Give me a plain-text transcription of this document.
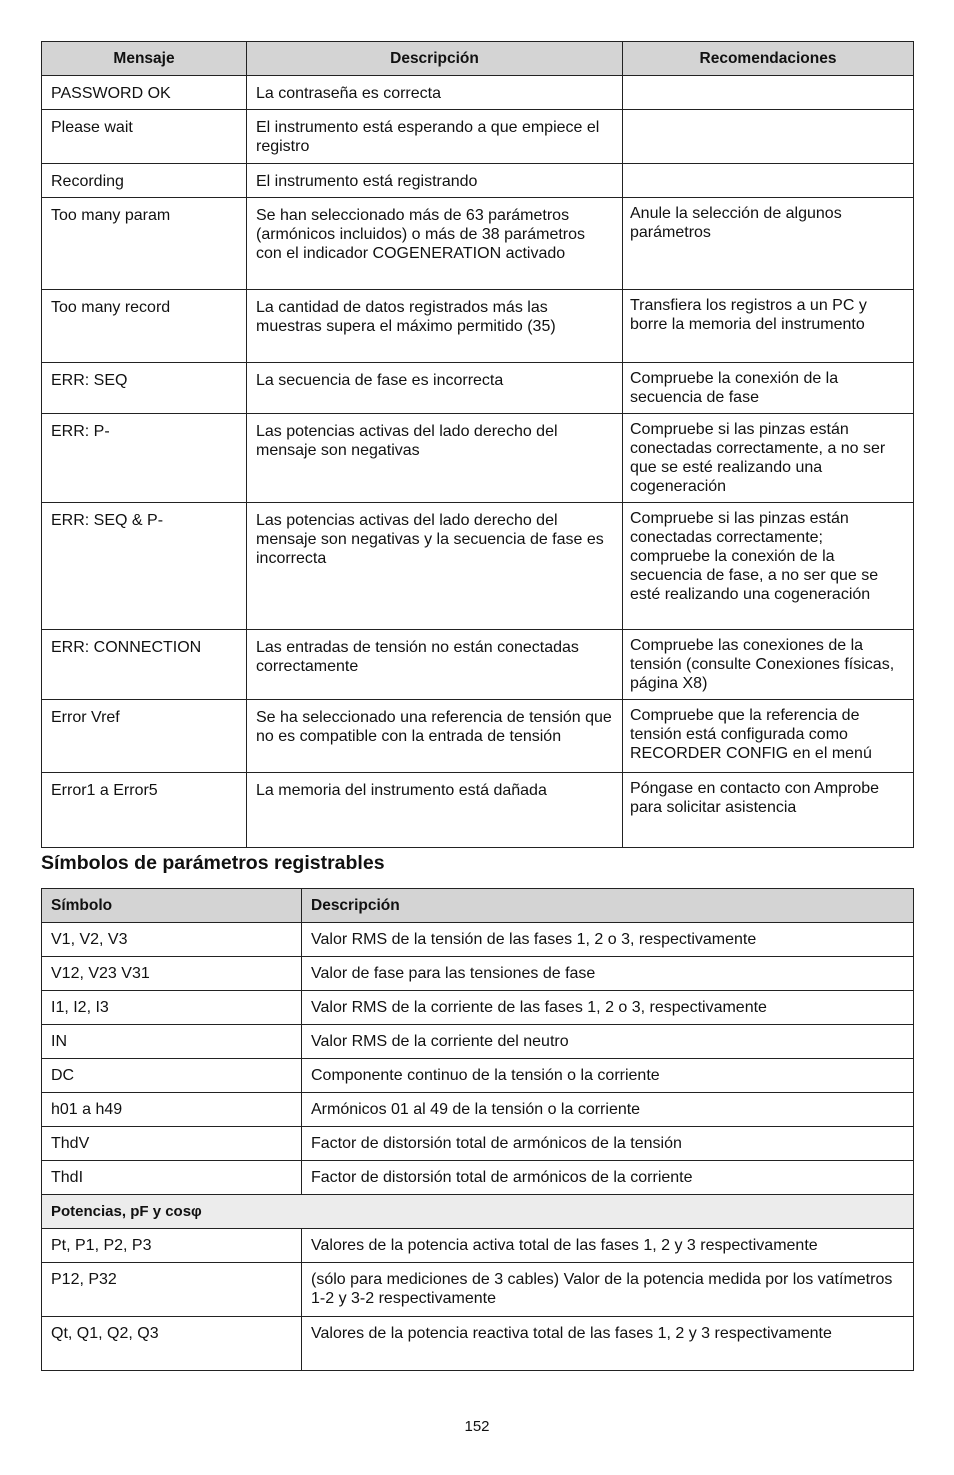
Mensaje	Descripción	Recomendaciones
PASSWORD OK	La contraseña es correcta	
Please wait	El instrumento está esperando a que empiece el registro	
Recording	El instrumento está registrando	
Too many param	Se han seleccionado más de 63 parámetros (armónicos incluidos) o más de 38 parámetros con el indicador COGENERATION activado	Anule la selección de algunos parámetros
Too many record	La cantidad de datos registrados más las muestras supera el máximo permitido (35)	Transfiera los registros a un PC y borre la memoria del instrumento
ERR: SEQ	La secuencia de fase es incorrecta	Compruebe la conexión de la secuencia de fase
ERR: P-	Las potencias activas del lado derecho del mensaje son negativas	Compruebe si las pinzas están conectadas correctamente, a no ser que se esté realizando una cogeneración
ERR: SEQ & P-	Las potencias activas del lado derecho del mensaje son negativas y la secuencia de fase es incorrecta	Compruebe si las pinzas están conectadas correctamente; compruebe la conexión de la secuencia de fase, a no ser que se esté realizando una cogeneración
ERR: CONNECTION	Las entradas de tensión no están conectadas correctamente	Compruebe las conexiones de la tensión (consulte Conexiones físicas, página X8)
Error Vref	Se ha seleccionado una referencia de tensión que no es compatible con la entrada de tensión	Compruebe que la referencia de tensión está configurada como RECORDER CONFIG en el menú
Error1 a Error5	La memoria del instrumento está dañada	Póngase en contacto con Amprobe para solicitar asistencia
Símbolos de parámetros registrables
Símbolo	Descripción
V1, V2, V3	Valor RMS de la tensión de las fases 1, 2 o 3, respectivamente
V12, V23 V31	Valor de fase para las tensiones de fase
I1, I2, I3	Valor RMS de la corriente de las fases 1, 2 o 3, respectivamente
IN	Valor RMS de la corriente del neutro
DC	Componente continuo de la tensión o la corriente
h01 a h49	Armónicos 01 al 49 de la tensión o la corriente
ThdV	Factor de distorsión total de armónicos de la tensión
ThdI	Factor de distorsión total de armónicos de la corriente
Potencias, pF y cosφ	
Pt, P1, P2, P3	Valores de la potencia activa total de las fases 1, 2 y 3 respectivamente
P12, P32	(sólo para mediciones de 3 cables) Valor de la potencia medida por los vatímetros 1-2 y 3-2 respectivamente
Qt, Q1, Q2, Q3	Valores de la potencia reactiva total de las fases 1, 2 y 3 respectivamente
152
